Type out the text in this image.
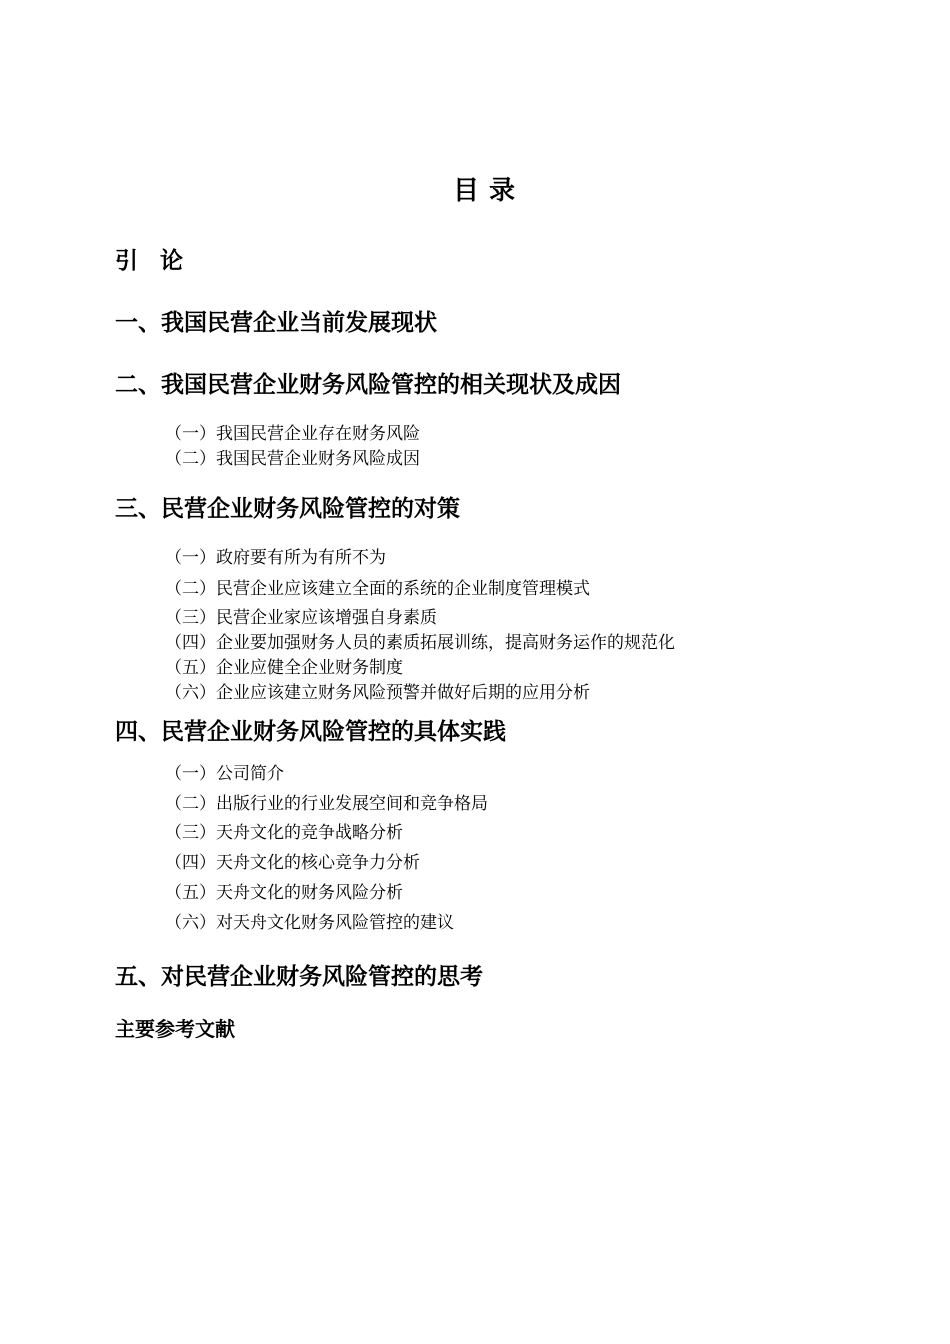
目录
引论
一、我国民营企业当前发展现状
二、我国民营企业财务风险管控的相关现状及成因
（一）我国民营企业存在财务风险
（二）我国民营企业财务风险成因
三、民营企业财务风险管控的对策
（一）政府要有所为有所不为
（二）民营企业应该建立全面的系统的企业制度管理模式
（三）民营企业家应该增强自身素质
（四）企业要加强财务人员的素质拓展训练，提高财务运作的规范化
（五）企业应健全企业财务制度
（六）企业应该建立财务风险预警并做好后期的应用分析
四、民营企业财务风险管控的具体实践
（一）公司简介
（二）出版行业的行业发展空间和竞争格局
（三）天舟文化的竞争战略分析
（四）天舟文化的核心竞争力分析
（五）天舟文化的财务风险分析
（六）对天舟文化财务风险管控的建议
五、对民营企业财务风险管控的思考
主要参考文献
